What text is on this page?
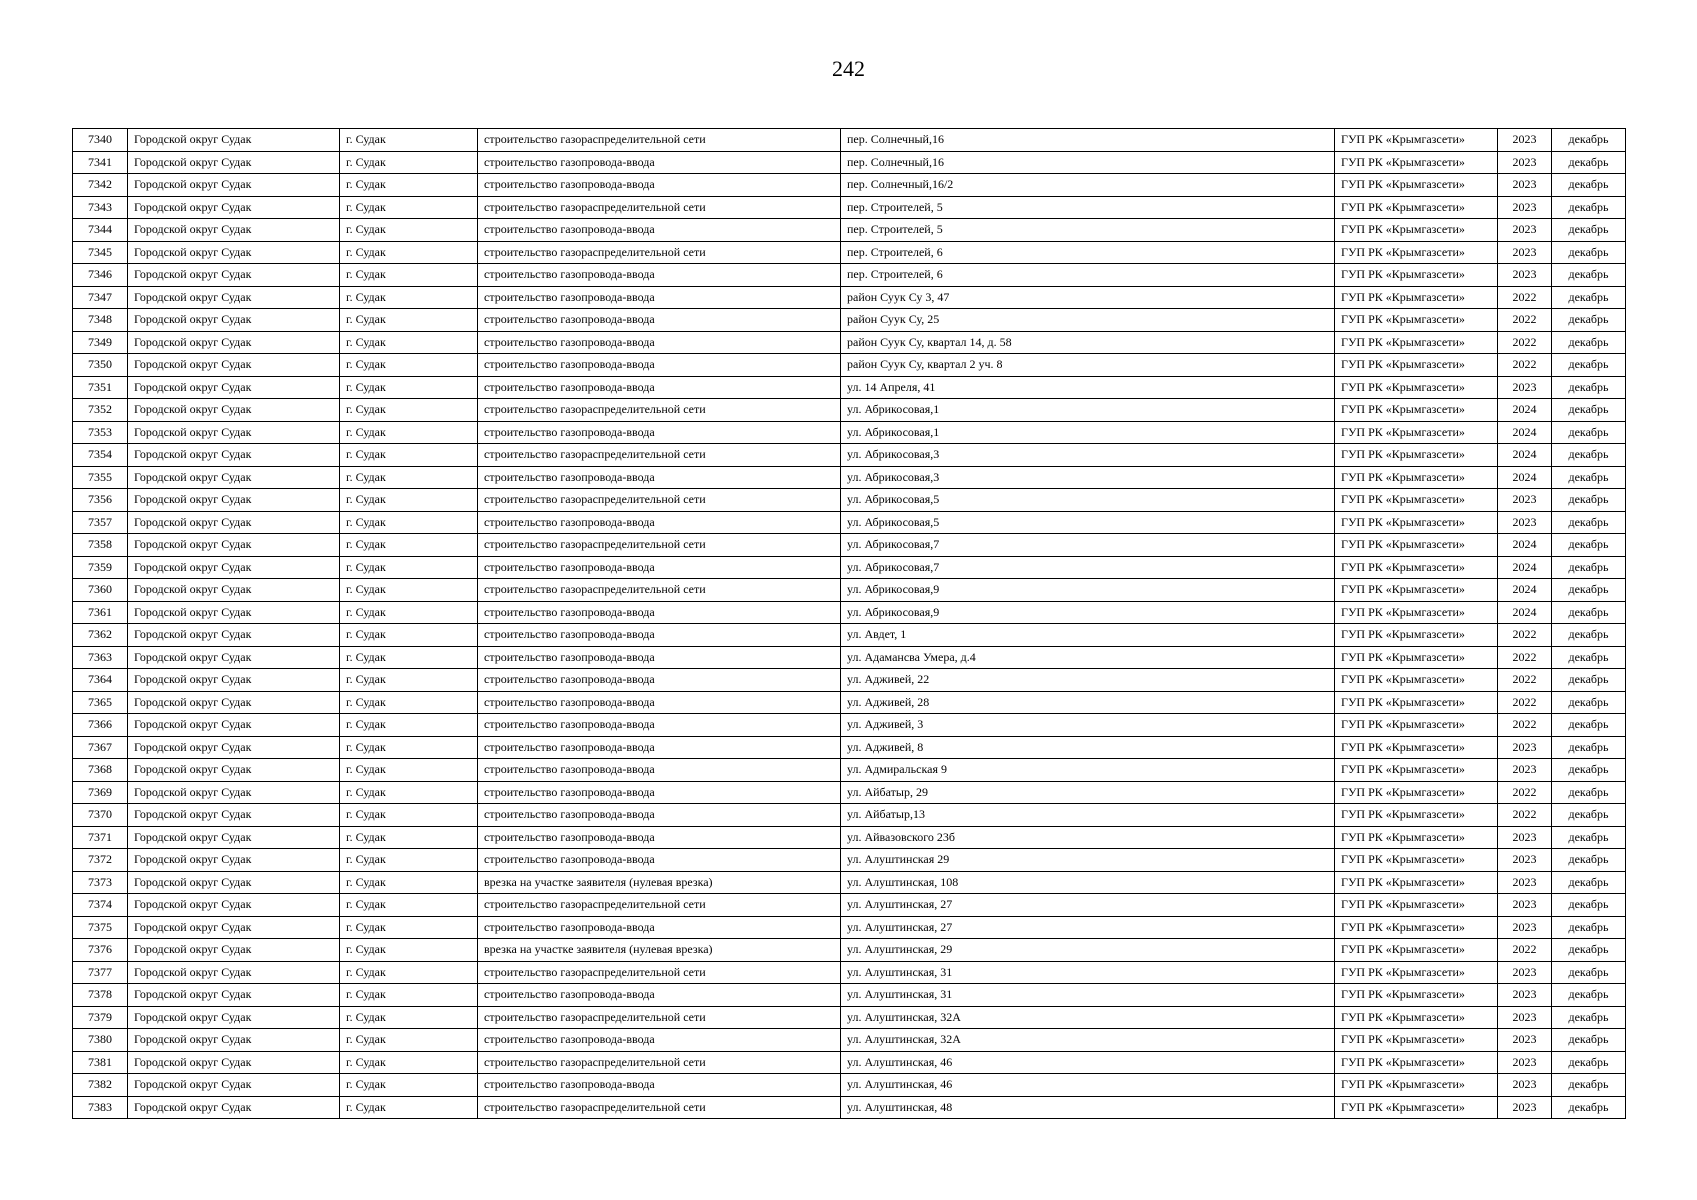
242
7340	Городской округ Судак	г. Судак	строительство газораспределительной сети	пер. Солнечный,16	ГУП РК «Крымгазсети»	2023	декабрь
7341	Городской округ Судак	г. Судак	строительство газопровода-ввода	пер. Солнечный,16	ГУП РК «Крымгазсети»	2023	декабрь
7342	Городской округ Судак	г. Судак	строительство газопровода-ввода	пер. Солнечный,16/2	ГУП РК «Крымгазсети»	2023	декабрь
7343	Городской округ Судак	г. Судак	строительство газораспределительной сети	пер. Строителей, 5	ГУП РК «Крымгазсети»	2023	декабрь
7344	Городской округ Судак	г. Судак	строительство газопровода-ввода	пер. Строителей, 5	ГУП РК «Крымгазсети»	2023	декабрь
7345	Городской округ Судак	г. Судак	строительство газораспределительной сети	пер. Строителей, 6	ГУП РК «Крымгазсети»	2023	декабрь
7346	Городской округ Судак	г. Судак	строительство газопровода-ввода	пер. Строителей, 6	ГУП РК «Крымгазсети»	2023	декабрь
7347	Городской округ Судак	г. Судак	строительство газопровода-ввода	район Суук Су 3, 47	ГУП РК «Крымгазсети»	2022	декабрь
7348	Городской округ Судак	г. Судак	строительство газопровода-ввода	район Суук Су, 25	ГУП РК «Крымгазсети»	2022	декабрь
7349	Городской округ Судак	г. Судак	строительство газопровода-ввода	район Суук Су, квартал 14, д. 58	ГУП РК «Крымгазсети»	2022	декабрь
7350	Городской округ Судак	г. Судак	строительство газопровода-ввода	район Суук Су, квартал 2 уч. 8	ГУП РК «Крымгазсети»	2022	декабрь
7351	Городской округ Судак	г. Судак	строительство газопровода-ввода	ул. 14 Апреля, 41	ГУП РК «Крымгазсети»	2023	декабрь
7352	Городской округ Судак	г. Судак	строительство газораспределительной сети	ул. Абрикосовая,1	ГУП РК «Крымгазсети»	2024	декабрь
7353	Городской округ Судак	г. Судак	строительство газопровода-ввода	ул. Абрикосовая,1	ГУП РК «Крымгазсети»	2024	декабрь
7354	Городской округ Судак	г. Судак	строительство газораспределительной сети	ул. Абрикосовая,3	ГУП РК «Крымгазсети»	2024	декабрь
7355	Городской округ Судак	г. Судак	строительство газопровода-ввода	ул. Абрикосовая,3	ГУП РК «Крымгазсети»	2024	декабрь
7356	Городской округ Судак	г. Судак	строительство газораспределительной сети	ул. Абрикосовая,5	ГУП РК «Крымгазсети»	2023	декабрь
7357	Городской округ Судак	г. Судак	строительство газопровода-ввода	ул. Абрикосовая,5	ГУП РК «Крымгазсети»	2023	декабрь
7358	Городской округ Судак	г. Судак	строительство газораспределительной сети	ул. Абрикосовая,7	ГУП РК «Крымгазсети»	2024	декабрь
7359	Городской округ Судак	г. Судак	строительство газопровода-ввода	ул. Абрикосовая,7	ГУП РК «Крымгазсети»	2024	декабрь
7360	Городской округ Судак	г. Судак	строительство газораспределительной сети	ул. Абрикосовая,9	ГУП РК «Крымгазсети»	2024	декабрь
7361	Городской округ Судак	г. Судак	строительство газопровода-ввода	ул. Абрикосовая,9	ГУП РК «Крымгазсети»	2024	декабрь
7362	Городской округ Судак	г. Судак	строительство газопровода-ввода	ул. Авдет, 1	ГУП РК «Крымгазсети»	2022	декабрь
7363	Городской округ Судак	г. Судак	строительство газопровода-ввода	ул. Адамансва Умера, д.4	ГУП РК «Крымгазсети»	2022	декабрь
7364	Городской округ Судак	г. Судак	строительство газопровода-ввода	ул. Адживей, 22	ГУП РК «Крымгазсети»	2022	декабрь
7365	Городской округ Судак	г. Судак	строительство газопровода-ввода	ул. Адживей, 28	ГУП РК «Крымгазсети»	2022	декабрь
7366	Городской округ Судак	г. Судак	строительство газопровода-ввода	ул. Адживей, 3	ГУП РК «Крымгазсети»	2022	декабрь
7367	Городской округ Судак	г. Судак	строительство газопровода-ввода	ул. Адживей, 8	ГУП РК «Крымгазсети»	2023	декабрь
7368	Городской округ Судак	г. Судак	строительство газопровода-ввода	ул. Адмиральская 9	ГУП РК «Крымгазсети»	2023	декабрь
7369	Городской округ Судак	г. Судак	строительство газопровода-ввода	ул. Айбатыр, 29	ГУП РК «Крымгазсети»	2022	декабрь
7370	Городской округ Судак	г. Судак	строительство газопровода-ввода	ул. Айбатыр,13	ГУП РК «Крымгазсети»	2022	декабрь
7371	Городской округ Судак	г. Судак	строительство газопровода-ввода	ул. Айвазовского 23б	ГУП РК «Крымгазсети»	2023	декабрь
7372	Городской округ Судак	г. Судак	строительство газопровода-ввода	ул. Алуштинская 29	ГУП РК «Крымгазсети»	2023	декабрь
7373	Городской округ Судак	г. Судак	врезка на участке заявителя (нулевая врезка)	ул. Алуштинская, 108	ГУП РК «Крымгазсети»	2023	декабрь
7374	Городской округ Судак	г. Судак	строительство газораспределительной сети	ул. Алуштинская, 27	ГУП РК «Крымгазсети»	2023	декабрь
7375	Городской округ Судак	г. Судак	строительство газопровода-ввода	ул. Алуштинская, 27	ГУП РК «Крымгазсети»	2023	декабрь
7376	Городской округ Судак	г. Судак	врезка на участке заявителя (нулевая врезка)	ул. Алуштинская, 29	ГУП РК «Крымгазсети»	2022	декабрь
7377	Городской округ Судак	г. Судак	строительство газораспределительной сети	ул. Алуштинская, 31	ГУП РК «Крымгазсети»	2023	декабрь
7378	Городской округ Судак	г. Судак	строительство газопровода-ввода	ул. Алуштинская, 31	ГУП РК «Крымгазсети»	2023	декабрь
7379	Городской округ Судак	г. Судак	строительство газораспределительной сети	ул. Алуштинская, 32А	ГУП РК «Крымгазсети»	2023	декабрь
7380	Городской округ Судак	г. Судак	строительство газопровода-ввода	ул. Алуштинская, 32А	ГУП РК «Крымгазсети»	2023	декабрь
7381	Городской округ Судак	г. Судак	строительство газораспределительной сети	ул. Алуштинская, 46	ГУП РК «Крымгазсети»	2023	декабрь
7382	Городской округ Судак	г. Судак	строительство газопровода-ввода	ул. Алуштинская, 46	ГУП РК «Крымгазсети»	2023	декабрь
7383	Городской округ Судак	г. Судак	строительство газораспределительной сети	ул. Алуштинская, 48	ГУП РК «Крымгазсети»	2023	декабрь
